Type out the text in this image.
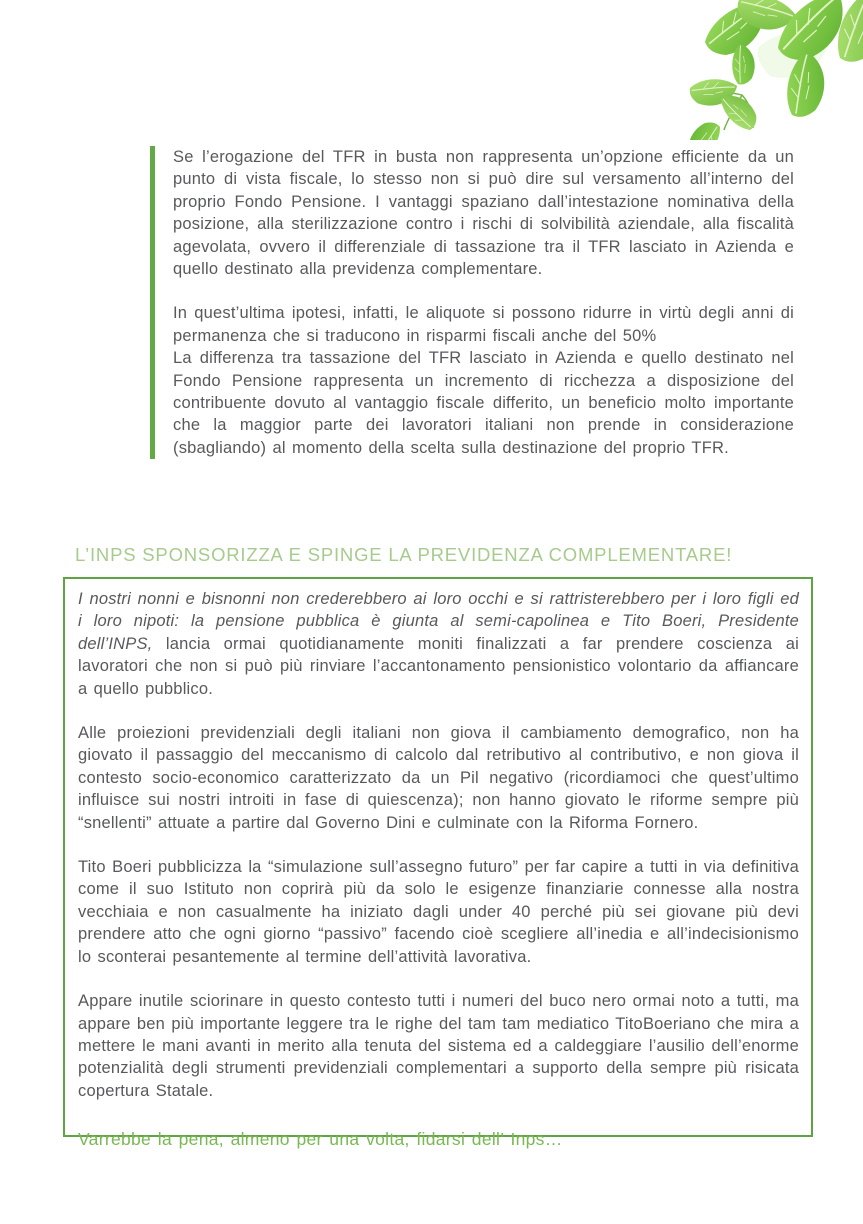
Se l’erogazione del TFR in busta non rappresenta un’opzione efficiente da un punto di vista fiscale, lo stesso non si può dire sul versamento all’interno del proprio Fondo Pensione. I vantaggi spaziano dall’intestazione nominativa della posizione, alla sterilizzazione contro i rischi di solvibilità aziendale, alla fiscalità agevolata, ovvero il differenziale di tassazione tra il TFR lasciato in Azienda e quello destinato alla previdenza complementare.

In quest’ultima ipotesi, infatti, le aliquote si possono ridurre in virtù degli anni di permanenza che si traducono in risparmi fiscali anche del 50%

La differenza tra tassazione del TFR lasciato in Azienda e quello destinato nel Fondo Pensione rappresenta un incremento di ricchezza a disposizione del contribuente dovuto al vantaggio fiscale differito, un beneficio molto importante che la maggior parte dei lavoratori italiani non prende in considerazione (sbagliando) al momento della scelta sulla destinazione del proprio TFR.

L’INPS SPONSORIZZA E SPINGE LA PREVIDENZA COMPLEMENTARE!

I nostri nonni e bisnonni non crederebbero ai loro occhi e si rattristerebbero per i loro figli ed i loro nipoti: la pensione pubblica è giunta al semi-capolinea e Tito Boeri, Presidente dell’INPS, lancia ormai quotidianamente moniti finalizzati a far prendere coscienza ai lavoratori che non si può più rinviare l’accantonamento pensionistico volontario da affiancare a quello pubblico.

Alle proiezioni previdenziali degli italiani non giova il cambiamento demografico, non ha giovato il passaggio del meccanismo di calcolo dal retributivo al contributivo, e non giova il contesto socio-economico caratterizzato da un Pil negativo (ricordiamoci che quest’ultimo influisce sui nostri introiti in fase di quiescenza); non hanno giovato le riforme sempre più “snellenti” attuate a partire dal Governo Dini e culminate con la Riforma Fornero.

Tito Boeri pubblicizza la “simulazione sull’assegno futuro” per far capire a tutti in via definitiva come il suo Istituto non coprirà più da solo le esigenze finanziarie connesse alla nostra vecchiaia e non casualmente ha iniziato dagli under 40 perché più sei giovane più devi prendere atto che ogni giorno “passivo” facendo cioè scegliere all’inedia e all’indecisionismo lo sconterai pesantemente al termine dell’attività lavorativa.

Appare inutile sciorinare in questo contesto tutti i numeri del buco nero ormai noto a tutti, ma appare ben più importante leggere tra le righe del tam tam mediatico TitoBoeriano che mira a mettere le mani avanti in merito alla tenuta del sistema ed a caldeggiare l’ausilio dell’enorme potenzialità degli strumenti previdenziali complementari a supporto della sempre più risicata copertura Statale.

Varrebbe la pena, almeno per una volta, fidarsi dell’ Inps…
